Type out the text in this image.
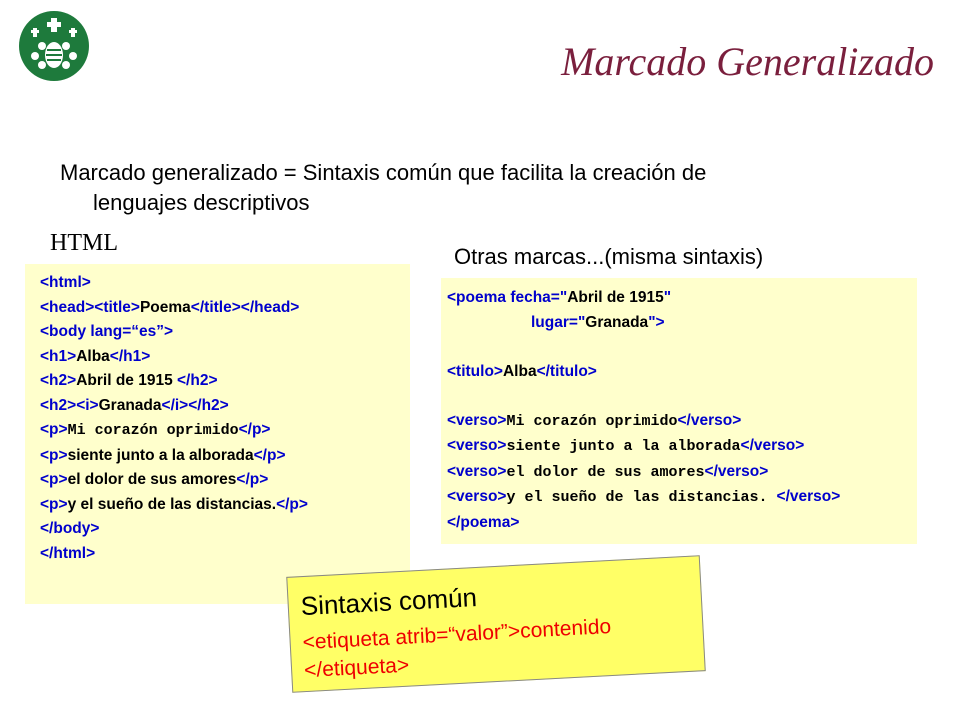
Marcado Generalizado
Marcado generalizado = Sintaxis común que facilita la creación de
lenguajes descriptivos
HTML
Otras marcas...(misma sintaxis)
<html>
<head><title>Poema</title></head>
<body lang=“es”>
<h1>Alba</h1>
<h2>Abril de 1915 </h2>
<h2><i>Granada</i></h2>
<p>Mi corazón oprimido</p>
<p>siente junto a la alborada</p>
<p>el dolor de sus amores</p>
<p>y el sueño de las distancias.</p>
</body>
</html>
<poema fecha="Abril de 1915"
lugar="Granada">

<titulo>Alba</titulo>

<verso>Mi corazón oprimido</verso>
<verso>siente junto a la alborada</verso>
<verso>el dolor de sus amores</verso>
<verso>y el sueño de las distancias. </verso>
</poema>
Sintaxis común
<etiqueta atrib=“valor”>contenido
</etiqueta>
